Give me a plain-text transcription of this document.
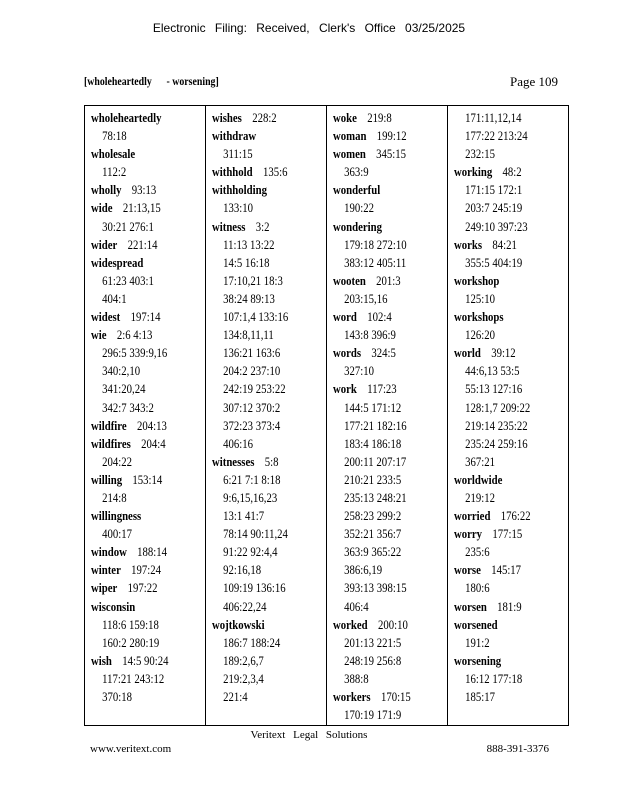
Electronic Filing: Received, Clerk's Office 03/25/2025
[wholeheartedly      - worsening]	Page 109
wholeheartedly
78:18
wholesale
112:2
wholly 93:13
wide 21:13,15
30:21 276:1
wider 221:14
widespread
61:23 403:1
404:1
widest 197:14
wie 2:6 4:13
296:5 339:9,16
340:2,10
341:20,24
342:7 343:2
wildfire 204:13
wildfires 204:4
204:22
willing 153:14
214:8
willingness
400:17
window 188:14
winter 197:24
wiper 197:22
wisconsin
118:6 159:18
160:2 280:19
wish 14:5 90:24
117:21 243:12
370:18
wishes 228:2
withdraw
311:15
withhold 135:6
withholding
133:10
witness 3:2
11:13 13:22
14:5 16:18
17:10,21 18:3
38:24 89:13
107:1,4 133:16
134:8,11,11
136:21 163:6
204:2 237:10
242:19 253:22
307:12 370:2
372:23 373:4
406:16
witnesses 5:8
6:21 7:1 8:18
9:6,15,16,23
13:1 41:7
78:14 90:11,24
91:22 92:4,4
92:16,18
109:19 136:16
406:22,24
wojtkowski
186:7 188:24
189:2,6,7
219:2,3,4
221:4
woke 219:8
woman 199:12
women 345:15
363:9
wonderful
190:22
wondering
179:18 272:10
383:12 405:11
wooten 201:3
203:15,16
word 102:4
143:8 396:9
words 324:5
327:10
work 117:23
144:5 171:12
177:21 182:16
183:4 186:18
200:11 207:17
210:21 233:5
235:13 248:21
258:23 299:2
352:21 356:7
363:9 365:22
386:6,19
393:13 398:15
406:4
worked 200:10
201:13 221:5
248:19 256:8
388:8
workers 170:15
170:19 171:9
171:11,12,14
177:22 213:24
232:15
working 48:2
171:15 172:1
203:7 245:19
249:10 397:23
works 84:21
355:5 404:19
workshop
125:10
workshops
126:20
world 39:12
44:6,13 53:5
55:13 127:16
128:1,7 209:22
219:14 235:22
235:24 259:16
367:21
worldwide
219:12
worried 176:22
worry 177:15
235:6
worse 145:17
180:6
worsen 181:9
worsened
191:2
worsening
16:12 177:18
185:17
Veritext Legal Solutions
www.veritext.com	888-391-3376
